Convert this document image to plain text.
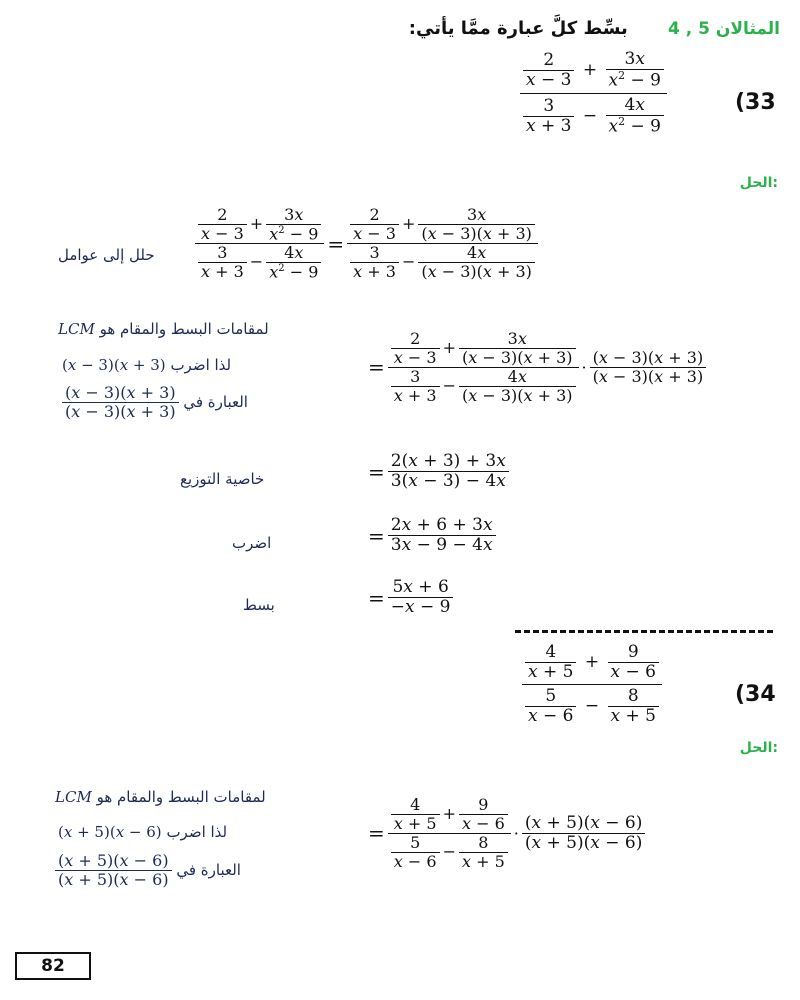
المثالان 5 , 4  بسِّط كلَّ عبارة ممَّا يأتي:
$\frac{\frac{2}{x - 3} + \frac{3x}{x^2 - 9}}{\frac{3}{x + 3} - \frac{4x}{x^2 - 9}}$	(33
الحل:
حلل إلى عوامل	$\frac{\frac{2}{x - 3} + \frac{3x}{x^2 - 9}}{\frac{3}{x + 3} - \frac{4x}{x^2 - 9}} = \frac{\frac{2}{x - 3} + \frac{3x}{(x - 3)(x + 3)}}{\frac{3}{x + 3} - \frac{4x}{(x - 3)(x + 3)}}$
LCM لمقامات البسط والمقام هو
(x − 3)(x + 3) لذا اضرب
$\frac{(x - 3)(x + 3)}{(x - 3)(x + 3)}$ العبارة في
= $\frac{\frac{2}{x - 3} + \frac{3x}{(x - 3)(x + 3)}}{\frac{3}{x + 3} - \frac{4x}{(x - 3)(x + 3)}} \cdot \frac{(x - 3)(x + 3)}{(x - 3)(x + 3)}$
خاصية التوزيع	= $\frac{2(x + 3) + 3x}{3(x - 3) - 4x}$
اضرب	= $\frac{2x + 6 + 3x}{3x - 9 - 4x}$
بسط	= $\frac{5x + 6}{-x - 9}$
$\frac{\frac{4}{x + 5} + \frac{9}{x - 6}}{\frac{5}{x - 6} - \frac{8}{x + 5}}$	(34
الحل:
LCM لمقامات البسط والمقام هو
(x + 5)(x − 6) لذا اضرب
$\frac{(x + 5)(x - 6)}{(x + 5)(x - 6)}$ العبارة في
= $\frac{\frac{4}{x + 5} + \frac{9}{x - 6}}{\frac{5}{x - 6} - \frac{8}{x + 5}} \cdot \frac{(x + 5)(x - 6)}{(x + 5)(x - 6)}$
82
